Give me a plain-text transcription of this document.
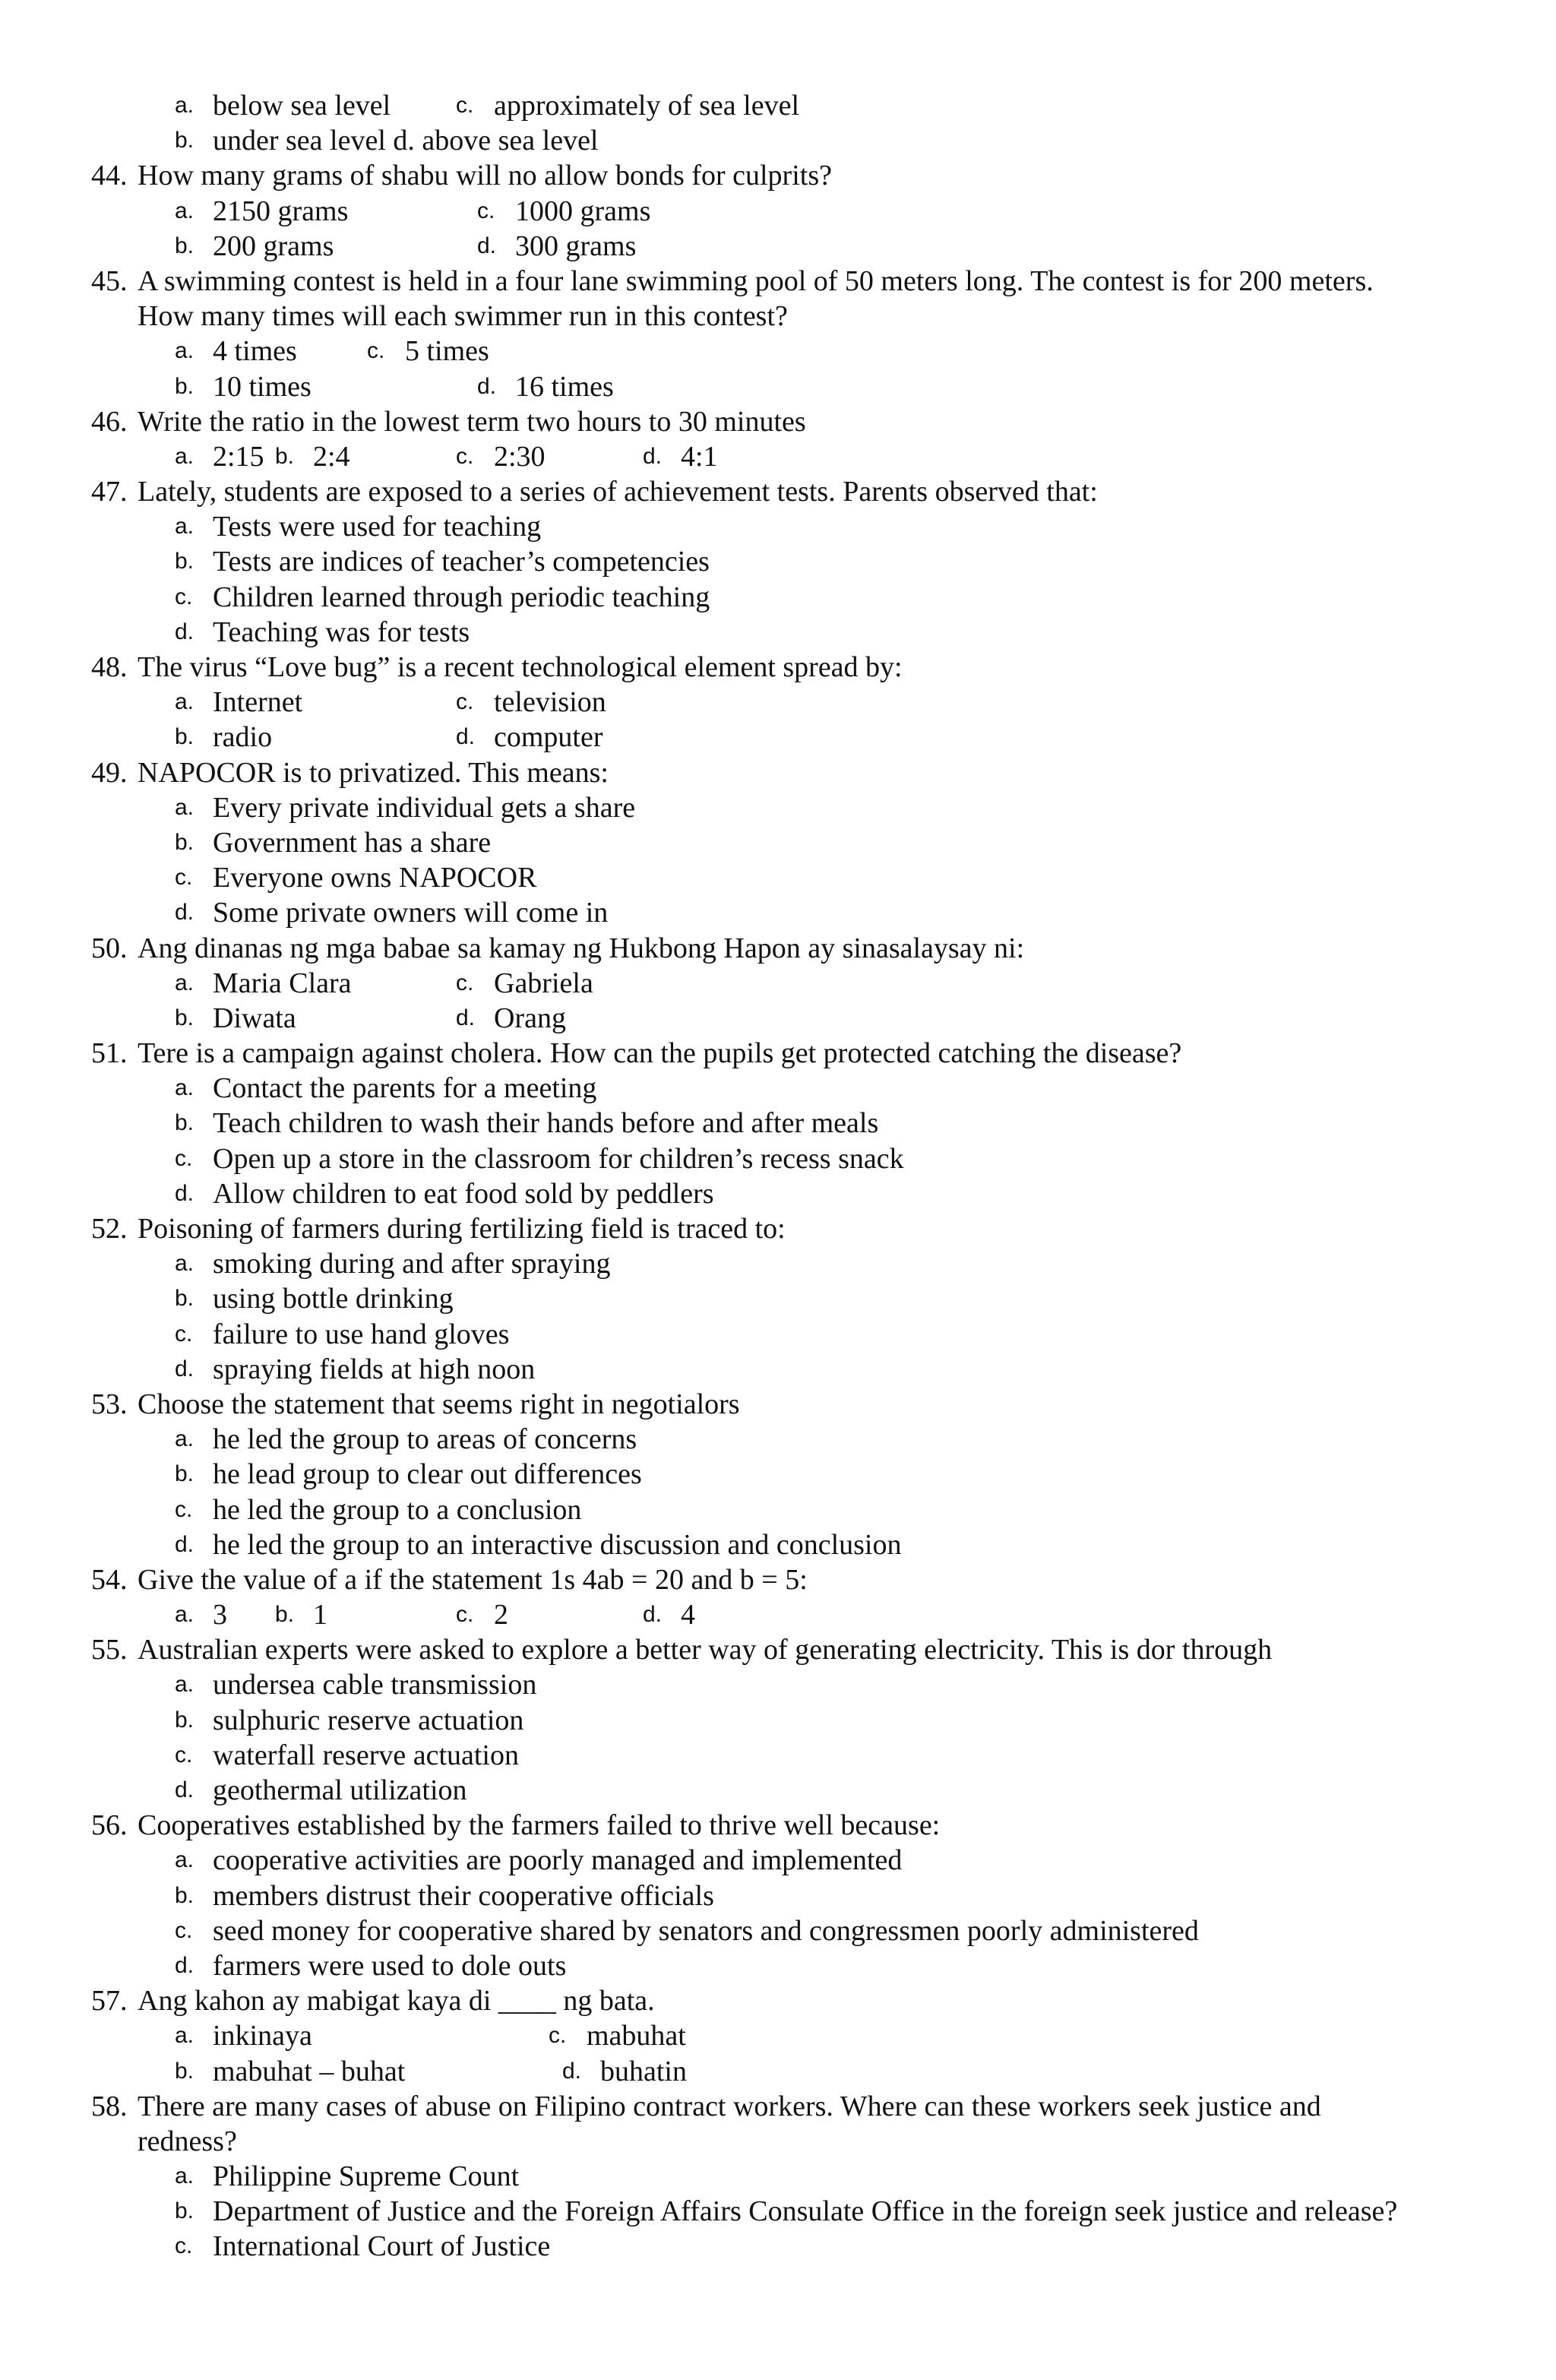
a. below sea level	c. approximately of sea level
b. under sea level d. above sea level
44. How many grams of shabu will no allow bonds for culprits?
a. 2150 grams	c. 1000 grams
b. 200 grams	d. 300 grams
45. A swimming contest is held in a four lane swimming pool of 50 meters long. The contest is for 200 meters.
How many times will each swimmer run in this contest?
a. 4 times	c. 5 times
b. 10 times	d. 16 times
46. Write the ratio in the lowest term two hours to 30 minutes
a. 2:15 b. 2:4	c. 2:30	d. 4:1
47. Lately, students are exposed to a series of achievement tests. Parents observed that:
a. Tests were used for teaching
b. Tests are indices of teacher’s competencies
c. Children learned through periodic teaching
d. Teaching was for tests
48. The virus “Love bug” is a recent technological element spread by:
a. Internet	c. television
b. radio	d. computer
49. NAPOCOR is to privatized. This means:
a. Every private individual gets a share
b. Government has a share
c. Everyone owns NAPOCOR
d. Some private owners will come in
50. Ang dinanas ng mga babae sa kamay ng Hukbong Hapon ay sinasalaysay ni:
a. Maria Clara	c. Gabriela
b. Diwata	d. Orang
51. Tere is a campaign against cholera. How can the pupils get protected catching the disease?
a. Contact the parents for a meeting
b. Teach children to wash their hands before and after meals
c. Open up a store in the classroom for children’s recess snack
d. Allow children to eat food sold by peddlers
52. Poisoning of farmers during fertilizing field is traced to:
a. smoking during and after spraying
b. using bottle drinking
c. failure to use hand gloves
d. spraying fields at high noon
53. Choose the statement that seems right in negotialors
a. he led the group to areas of concerns
b. he lead group to clear out differences
c. he led the group to a conclusion
d. he led the group to an interactive discussion and conclusion
54. Give the value of a if the statement 1s 4ab = 20 and b = 5:
a. 3 b. 1	c. 2	d. 4
55. Australian experts were asked to explore a better way of generating electricity. This is dor through
a. undersea cable transmission
b. sulphuric reserve actuation
c. waterfall reserve actuation
d. geothermal utilization
56. Cooperatives established by the farmers failed to thrive well because:
a. cooperative activities are poorly managed and implemented
b. members distrust their cooperative officials
c. seed money for cooperative shared by senators and congressmen poorly administered
d. farmers were used to dole outs
57. Ang kahon ay mabigat kaya di ____ ng bata.
a. inkinaya	c. mabuhat
b. mabuhat – buhat	d. buhatin
58. There are many cases of abuse on Filipino contract workers. Where can these workers seek justice and
redness?
a. Philippine Supreme Count
b. Department of Justice and the Foreign Affairs Consulate Office in the foreign seek justice and release?
c. International Court of Justice
